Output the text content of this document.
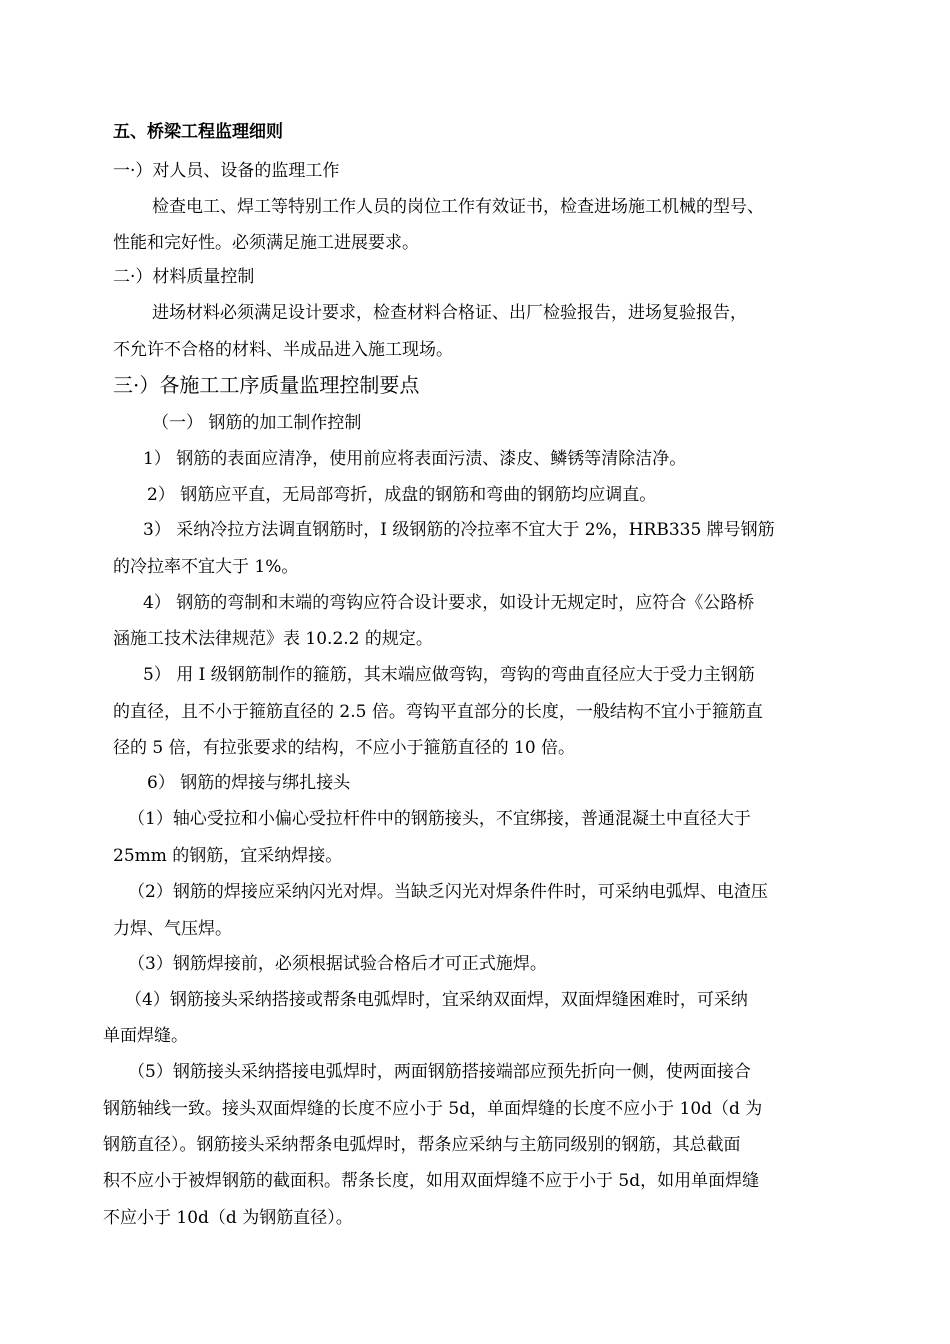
五、桥梁工程监理细则
一·）对人员、设备的监理工作
检查电工、焊工等特别工作人员的岗位工作有效证书，检查进场施工机械的型号、
性能和完好性。必须满足施工进展要求。
二·）材料质量控制
进场材料必须满足设计要求，检查材料合格证、出厂检验报告，进场复验报告，
不允许不合格的材料、半成品进入施工现场。
三·）各施工工序质量监理控制要点
（一） 钢筋的加工制作控制
1） 钢筋的表面应清净，使用前应将表面污渍、漆皮、鳞锈等清除洁净。
2） 钢筋应平直，无局部弯折，成盘的钢筋和弯曲的钢筋均应调直。
3） 采纳冷拉方法调直钢筋时，I 级钢筋的冷拉率不宜大于 2%，HRB335 牌号钢筋
的冷拉率不宜大于 1%。
4） 钢筋的弯制和末端的弯钩应符合设计要求，如设计无规定时，应符合《公路桥
涵施工技术法律规范》表 10.2.2 的规定。
5） 用 I 级钢筋制作的箍筋，其末端应做弯钩，弯钩的弯曲直径应大于受力主钢筋
的直径，且不小于箍筋直径的 2.5 倍。弯钩平直部分的长度，一般结构不宜小于箍筋直
径的 5 倍，有拉张要求的结构，不应小于箍筋直径的 10 倍。
6） 钢筋的焊接与绑扎接头
（1）轴心受拉和小偏心受拉杆件中的钢筋接头，不宜绑接，普通混凝土中直径大于
25mm 的钢筋，宜采纳焊接。
（2）钢筋的焊接应采纳闪光对焊。当缺乏闪光对焊条件件时，可采纳电弧焊、电渣压
力焊、气压焊。
（3）钢筋焊接前，必须根据试验合格后才可正式施焊。
（4）钢筋接头采纳搭接或帮条电弧焊时，宜采纳双面焊，双面焊缝困难时，可采纳
单面焊缝。
（5）钢筋接头采纳搭接电弧焊时，两面钢筋搭接端部应预先折向一侧，使两面接合
钢筋轴线一致。接头双面焊缝的长度不应小于 5d，单面焊缝的长度不应小于 10d（d 为
钢筋直径）。钢筋接头采纳帮条电弧焊时，帮条应采纳与主筋同级别的钢筋，其总截面
积不应小于被焊钢筋的截面积。帮条长度，如用双面焊缝不应于小于 5d，如用单面焊缝
不应小于 10d（d 为钢筋直径）。
